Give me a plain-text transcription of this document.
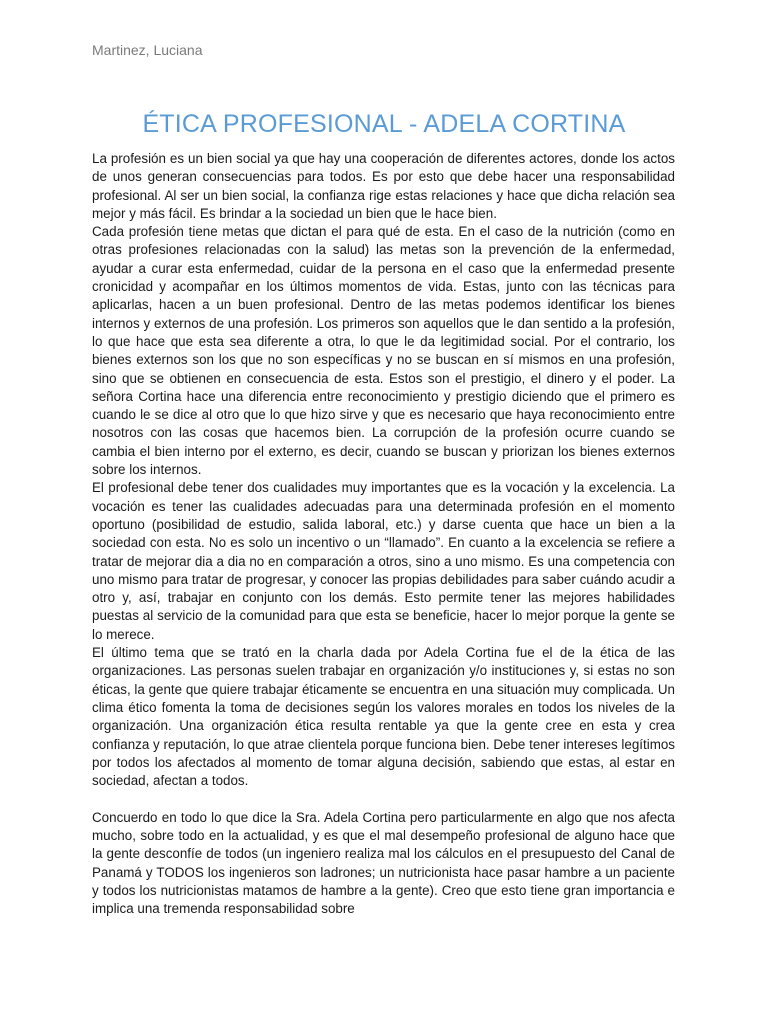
Martinez, Luciana

ÉTICA PROFESIONAL - ADELA CORTINA

La profesión es un bien social ya que hay una cooperación de diferentes actores, donde los actos de unos generan consecuencias para todos. Es por esto que debe hacer una responsabilidad profesional. Al ser un bien social, la confianza rige estas relaciones y hace que dicha relación sea mejor y más fácil. Es brindar a la sociedad un bien que le hace bien.

Cada profesión tiene metas que dictan el para qué de esta. En el caso de la nutrición (como en otras profesiones relacionadas con la salud) las metas son la prevención de la enfermedad, ayudar a curar esta enfermedad, cuidar de la persona en el caso que la enfermedad presente cronicidad y acompañar en los últimos momentos de vida. Estas, junto con las técnicas para aplicarlas, hacen a un buen profesional. Dentro de las metas podemos identificar los bienes internos y externos de una profesión. Los primeros son aquellos que le dan sentido a la profesión, lo que hace que esta sea diferente a otra, lo que le da legitimidad social. Por el contrario, los bienes externos son los que no son específicas y no se buscan en sí mismos en una profesión, sino que se obtienen en consecuencia de esta. Estos son el prestigio, el dinero y el poder. La señora Cortina hace una diferencia entre reconocimiento y prestigio diciendo que el primero es cuando le se dice al otro que lo que hizo sirve y que es necesario que haya reconocimiento entre nosotros con las cosas que hacemos bien. La corrupción de la profesión ocurre cuando se cambia el bien interno por el externo, es decir, cuando se buscan y priorizan los bienes externos sobre los internos.

El profesional debe tener dos cualidades muy importantes que es la vocación y la excelencia. La vocación es tener las cualidades adecuadas para una determinada profesión en el momento oportuno (posibilidad de estudio, salida laboral, etc.) y darse cuenta que hace un bien a la sociedad con esta. No es solo un incentivo o un “llamado”. En cuanto a la excelencia se refiere a tratar de mejorar dia a dia no en comparación a otros, sino a uno mismo. Es una competencia con uno mismo para tratar de progresar, y conocer las propias debilidades para saber cuándo acudir a otro y, así, trabajar en conjunto con los demás. Esto permite tener las mejores habilidades puestas al servicio de la comunidad para que esta se beneficie, hacer lo mejor porque la gente se lo merece.

El último tema que se trató en la charla dada por Adela Cortina fue el de la ética de las organizaciones. Las personas suelen trabajar en organización y/o instituciones y, si estas no son éticas, la gente que quiere trabajar éticamente se encuentra en una situación muy complicada. Un clima ético fomenta la toma de decisiones según los valores morales en todos los niveles de la organización. Una organización ética resulta rentable ya que la gente cree en esta y crea confianza y reputación, lo que atrae clientela porque funciona bien. Debe tener intereses legítimos por todos los afectados al momento de tomar alguna decisión, sabiendo que estas, al estar en sociedad, afectan a todos.

Concuerdo en todo lo que dice la Sra. Adela Cortina pero particularmente en algo que nos afecta mucho, sobre todo en la actualidad, y es que el mal desempeño profesional de alguno hace que la gente desconfíe de todos (un ingeniero realiza mal los cálculos en el presupuesto del Canal de Panamá y TODOS los ingenieros son ladrones; un nutricionista hace pasar hambre a un paciente y todos los nutricionistas matamos de hambre a la gente). Creo que esto tiene gran importancia e implica una tremenda responsabilidad sobre
